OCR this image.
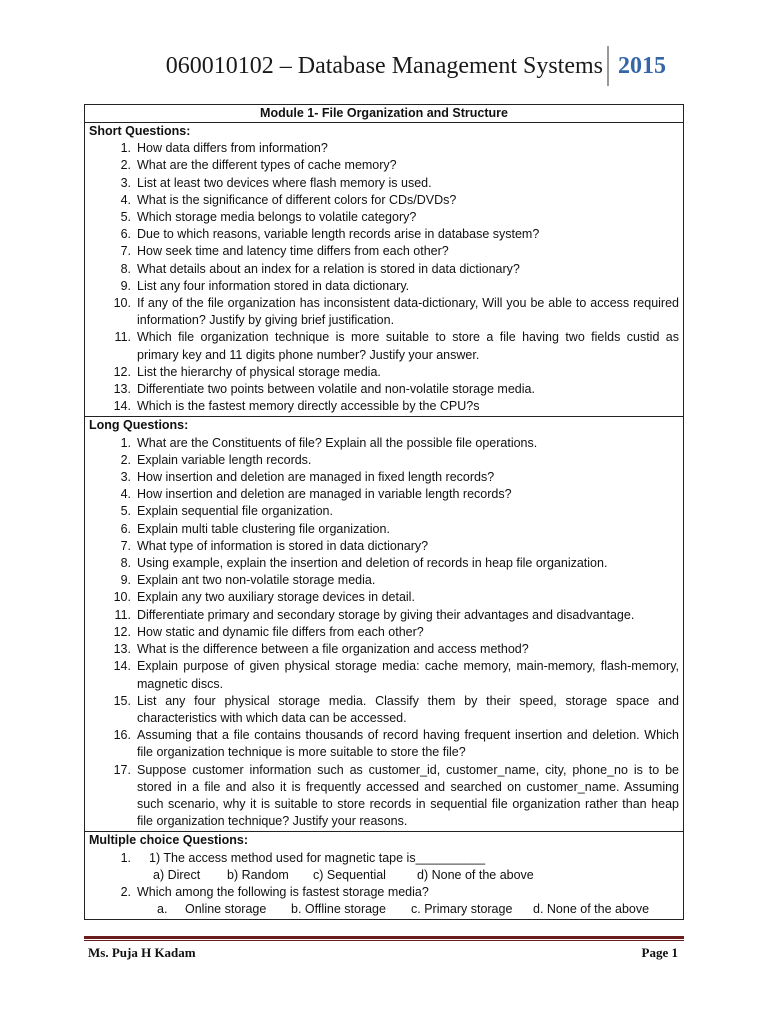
060010102 – Database Management Systems 2015
Module 1- File Organization and Structure
Short Questions:
1. How data differs from information?
2. What are the different types of cache memory?
3. List at least two devices where flash memory is used.
4. What is the significance of different colors for CDs/DVDs?
5. Which storage media belongs to volatile category?
6. Due to which reasons, variable length records arise in database system?
7. How seek time and latency time differs from each other?
8. What details about an index for a relation is stored in data dictionary?
9. List any four information stored in data dictionary.
10. If any of the file organization has inconsistent data-dictionary, Will you be able to access required information? Justify by giving brief justification.
11. Which file organization technique is more suitable to store a file having two fields custid as primary key and 11 digits phone number? Justify your answer.
12. List the hierarchy of physical storage media.
13. Differentiate two points between volatile and non-volatile storage media.
14. Which is the fastest memory directly accessible by the CPU?s
Long Questions:
1. What are the Constituents of file? Explain all the possible file operations.
2. Explain variable length records.
3. How insertion and deletion are managed in fixed length records?
4. How insertion and deletion are managed in variable length records?
5. Explain sequential file organization.
6. Explain multi table clustering file organization.
7. What type of information is stored in data dictionary?
8. Using example, explain the insertion and deletion of records in heap file organization.
9. Explain ant two non-volatile storage media.
10. Explain any two auxiliary storage devices in detail.
11. Differentiate primary and secondary storage by giving their advantages and disadvantage.
12. How static and dynamic file differs from each other?
13. What is the difference between a file organization and access method?
14. Explain purpose of given physical storage media: cache memory, main-memory, flash-memory, magnetic discs.
15. List any four physical storage media. Classify them by their speed, storage space and characteristics with which data can be accessed.
16. Assuming that a file contains thousands of record having frequent insertion and deletion. Which file organization technique is more suitable to store the file?
17. Suppose customer information such as customer_id, customer_name, city, phone_no is to be stored in a file and also it is frequently accessed and searched on customer_name. Assuming such scenario, why it is suitable to store records in sequential file organization rather than heap file organization technique? Justify your reasons.
Multiple choice Questions:
1. 1) The access method used for magnetic tape is__________
a) Direct	b) Random	c) Sequential	d) None of the above
2. Which among the following is fastest storage media?
a.	Online storage	b. Offline storage	c. Primary storage	d. None of the above
Ms. Puja H Kadam	Page 1
